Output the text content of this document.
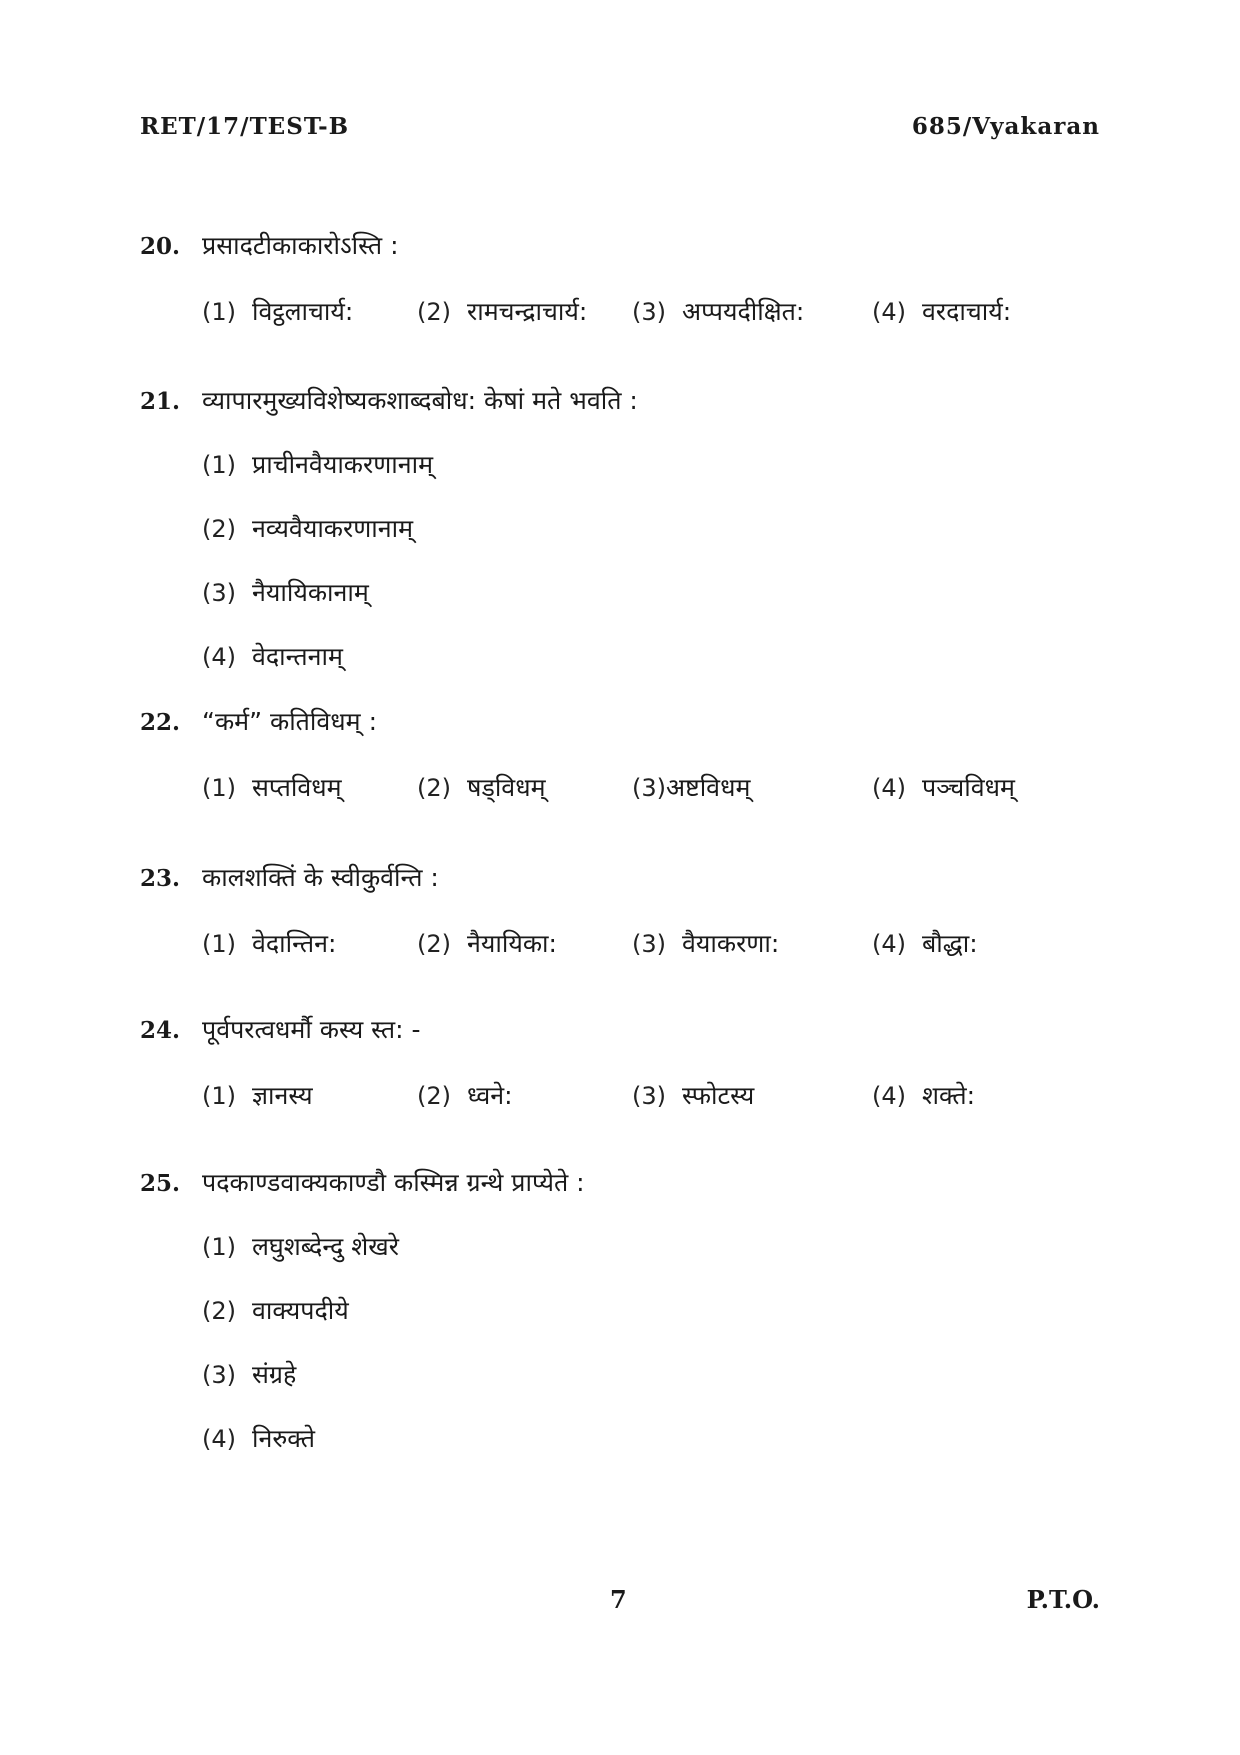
RET/17/TEST-B	685/Vyakaran
20. प्रसादटीकाकारोऽस्ति :
(1) विट्ठलाचार्य:	(2) रामचन्द्राचार्य: (3) अप्पयदीक्षित:	(4) वरदाचार्य:
21. व्यापारमुख्यविशेष्यकशाब्दबोध: केषां मते भवति :
(1) प्राचीनवैयाकरणानाम्
(2) नव्यवैयाकरणानाम्
(3) नैयायिकानाम्
(4) वेदान्तनाम्
22. “कर्म” कतिविधम् :
(1) सप्तविधम्	(2) षड्विधम्	(3) अष्टविधम्	(4) पञ्चविधम्
23. कालशक्तिं के स्वीकुर्वन्ति :
(1) वेदान्तिन:	(2) नैयायिका:	(3) वैयाकरणा:	(4) बौद्धा:
24. पूर्वपरत्वधर्मौ कस्य स्त: -
(1) ज्ञानस्य	(2) ध्वने:	(3) स्फोटस्य	(4) शक्ते:
25. पदकाण्डवाक्यकाण्डौ कस्मिन्न ग्रन्थे प्राप्येते :
(1) लघुशब्देन्दु शेखरे
(2) वाक्यपदीये
(3) संग्रहे
(4) निरुक्ते
7	P.T.O.
